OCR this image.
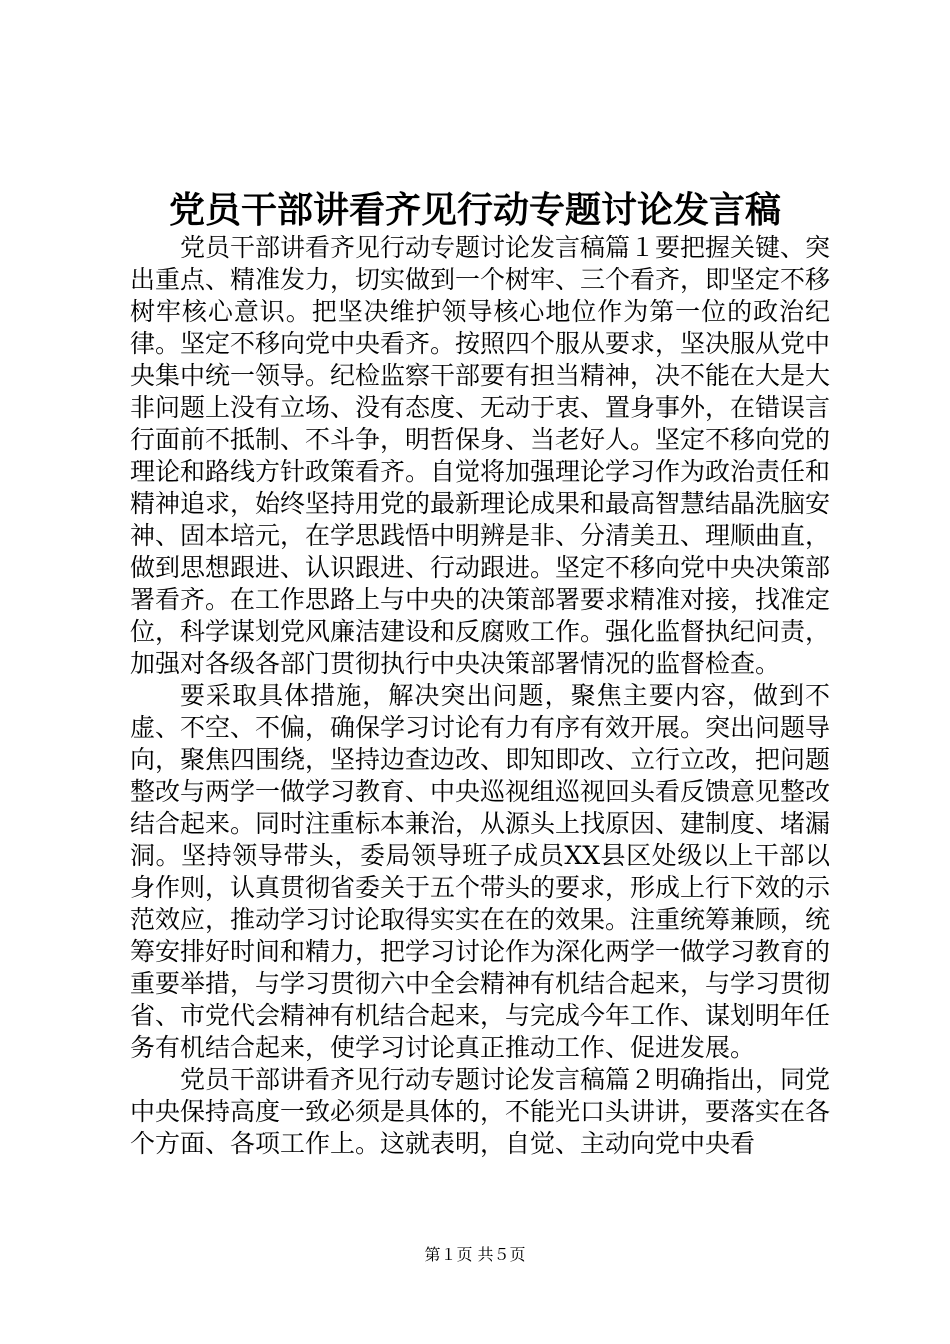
党员干部讲看齐见行动专题讨论发言稿

党员干部讲看齐见行动专题讨论发言稿篇１要把握关键、突出重点、精准发力，切实做到一个树牢、三个看齐，即坚定不移树牢核心意识。把坚决维护领导核心地位作为第一位的政治纪律。坚定不移向党中央看齐。按照四个服从要求，坚决服从党中央集中统一领导。纪检监察干部要有担当精神，决不能在大是大非问题上没有立场、没有态度、无动于衷、置身事外，在错误言行面前不抵制、不斗争，明哲保身、当老好人。坚定不移向党的理论和路线方针政策看齐。自觉将加强理论学习作为政治责任和精神追求，始终坚持用党的最新理论成果和最高智慧结晶洗脑安神、固本培元，在学思践悟中明辨是非、分清美丑、理顺曲直，做到思想跟进、认识跟进、行动跟进。坚定不移向党中央决策部署看齐。在工作思路上与中央的决策部署要求精准对接，找准定位，科学谋划党风廉洁建设和反腐败工作。强化监督执纪问责，加强对各级各部门贯彻执行中央决策部署情况的监督检查。

要采取具体措施，解决突出问题，聚焦主要内容，做到不虚、不空、不偏，确保学习讨论有力有序有效开展。突出问题导向，聚焦四围绕，坚持边查边改、即知即改、立行立改，把问题整改与两学一做学习教育、中央巡视组巡视回头看反馈意见整改结合起来。同时注重标本兼治，从源头上找原因、建制度、堵漏洞。坚持领导带头，委局领导班子成员XX县区处级以上干部以身作则，认真贯彻省委关于五个带头的要求，形成上行下效的示范效应，推动学习讨论取得实实在在的效果。注重统筹兼顾，统筹安排好时间和精力，把学习讨论作为深化两学一做学习教育的重要举措，与学习贯彻六中全会精神有机结合起来，与学习贯彻省、市党代会精神有机结合起来，与完成今年工作、谋划明年任务有机结合起来，使学习讨论真正推动工作、促进发展。

党员干部讲看齐见行动专题讨论发言稿篇２明确指出，同党中央保持高度一致必须是具体的，不能光口头讲讲，要落实在各个方面、各项工作上。这就表明，自觉、主动向党中央看

第１页 共５页
